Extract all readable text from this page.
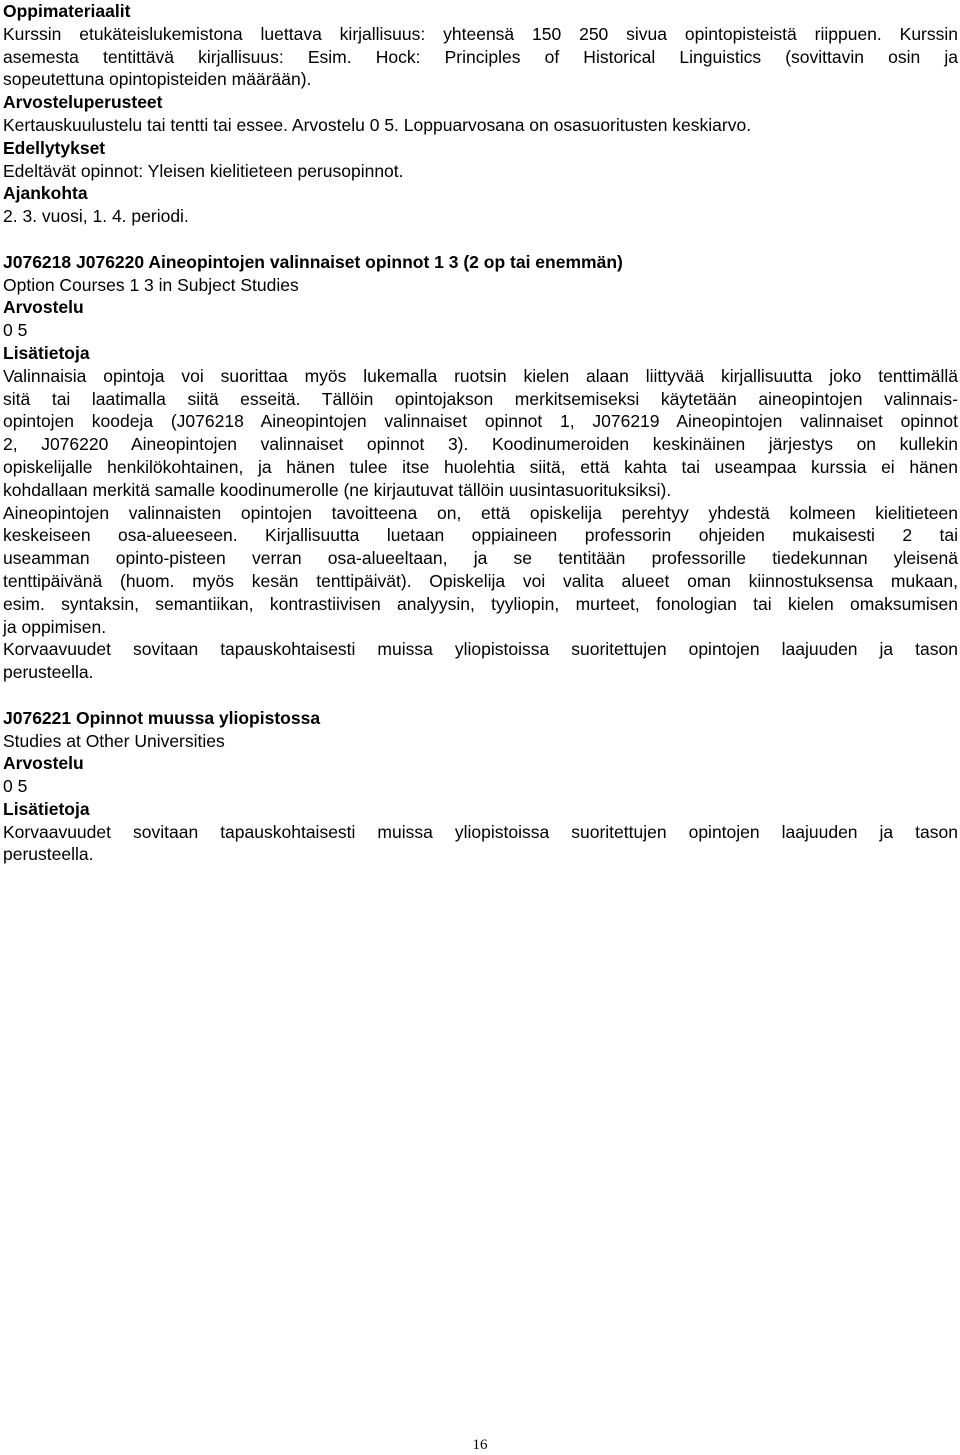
Oppimateriaalit
Kurssin etukäteislukemistona luettava kirjallisuus: yhteensä 150 250 sivua opintopisteistä riippuen. Kurssin
asemesta tentittävä kirjallisuus: Esim. Hock: Principles of Historical Linguistics (sovittavin osin ja
sopeutettuna opintopisteiden määrään).
Arvosteluperusteet
Kertauskuulustelu tai tentti tai essee. Arvostelu 0 5. Loppuarvosana on osasuoritusten keskiarvo.
Edellytykset
Edeltävät opinnot: Yleisen kielitieteen perusopinnot.
Ajankohta
2. 3. vuosi, 1. 4. periodi.
J076218 J076220 Aineopintojen valinnaiset opinnot 1 3 (2 op tai enemmän)
Option Courses 1 3 in Subject Studies
Arvostelu
0 5
Lisätietoja
Valinnaisia opintoja voi suorittaa myös lukemalla ruotsin kielen alaan liittyvää kirjallisuutta joko tenttimällä
sitä tai laatimalla siitä esseitä. Tällöin opintojakson merkitsemiseksi käytetään aineopintojen valinnais-
opintojen koodeja (J076218 Aineopintojen valinnaiset opinnot 1, J076219 Aineopintojen valinnaiset opinnot
2, J076220 Aineopintojen valinnaiset opinnot 3). Koodinumeroiden keskinäinen järjestys on kullekin
opiskelijalle henkilökohtainen, ja hänen tulee itse huolehtia siitä, että kahta tai useampaa kurssia ei hänen
kohdallaan merkitä samalle koodinumerolle (ne kirjautuvat tällöin uusintasuorituksiksi).
Aineopintojen valinnaisten opintojen tavoitteena on, että opiskelija perehtyy yhdestä kolmeen kielitieteen
keskeiseen osa-alueeseen. Kirjallisuutta luetaan oppiaineen professorin ohjeiden mukaisesti 2 tai
useamman opinto-pisteen verran osa-alueeltaan, ja se tentitään professorille tiedekunnan yleisenä
tenttipäivänä (huom. myös kesän tenttipäivät). Opiskelija voi valita alueet oman kiinnostuksensa mukaan,
esim. syntaksin, semantiikan, kontrastiivisen analyysin, tyyliopin, murteet, fonologian tai kielen omaksumisen
ja oppimisen.
Korvaavuudet sovitaan tapauskohtaisesti muissa yliopistoissa suoritettujen opintojen laajuuden ja tason
perusteella.
J076221 Opinnot muussa yliopistossa
Studies at Other Universities
Arvostelu
0 5
Lisätietoja
Korvaavuudet sovitaan tapauskohtaisesti muissa yliopistoissa suoritettujen opintojen laajuuden ja tason
perusteella.
16
